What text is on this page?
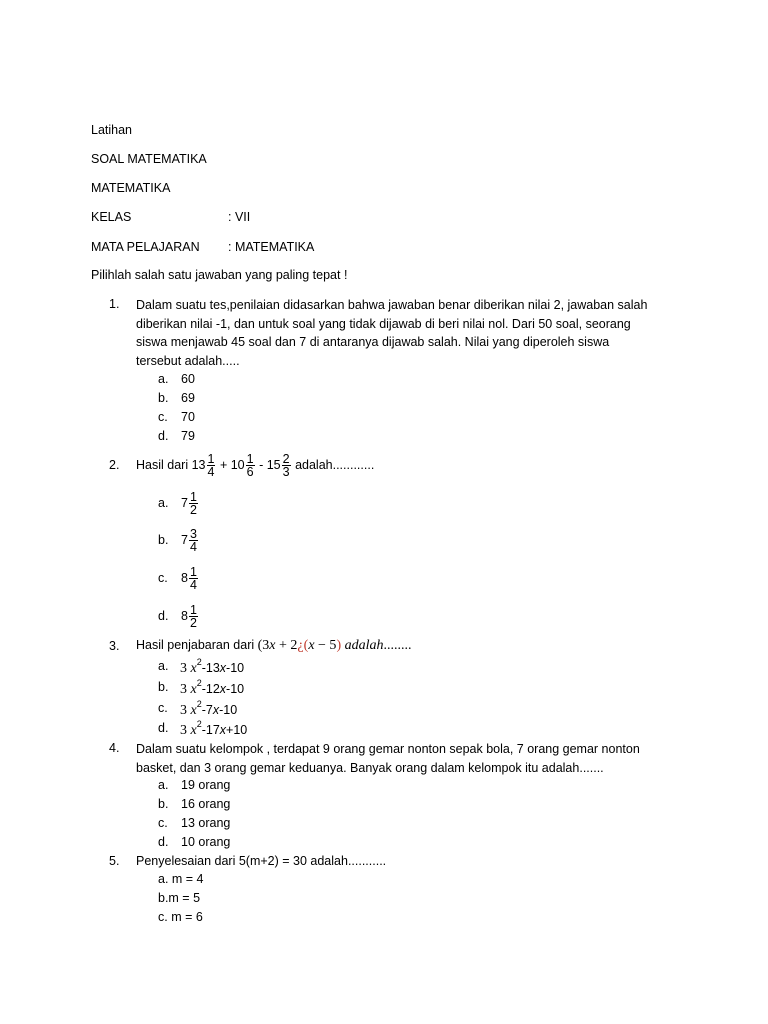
Latihan
SOAL MATEMATIKA
MATEMATIKA
KELAS	: VII
MATA PELAJARAN : MATEMATIKA
Pilihlah salah satu jawaban yang paling tepat !
1. Dalam suatu tes,penilaian didasarkan bahwa jawaban benar diberikan nilai 2, jawaban salah diberikan nilai -1, dan untuk soal yang tidak dijawab di beri nilai nol. Dari 50 soal, seorang siswa menjawab 45 soal dan 7 di antaranya dijawab salah. Nilai yang diperoleh siswa tersebut adalah.....
a. 60
b. 69
c. 70
d. 79
2. Hasil dari $13 \frac{1}{4} + 10 \frac{1}{6} - 15 \frac{2}{3}$ adalah............
a. $7 \frac{1}{2}$
b. $7 \frac{3}{4}$
c. $8 \frac{1}{4}$
d. $8 \frac{1}{2}$
3. Hasil penjabaran dari (3x + 2¿(x − 5) adalah........
a. 3 $x^2-13x-10$
b. 3 $x^2-12x-10$
c. 3 $x^2-7x-10$
d. 3 $x^2-17x+10$
4. Dalam suatu kelompok , terdapat 9 orang gemar nonton sepak bola, 7 orang gemar nonton basket, dan 3 orang gemar keduanya. Banyak orang dalam kelompok itu adalah.......
a. 19 orang
b. 16 orang
c. 13 orang
d. 10 orang
5. Penyelesaian dari 5(m+2) = 30 adalah...........
a. m = 4
b.m = 5
c. m = 6
